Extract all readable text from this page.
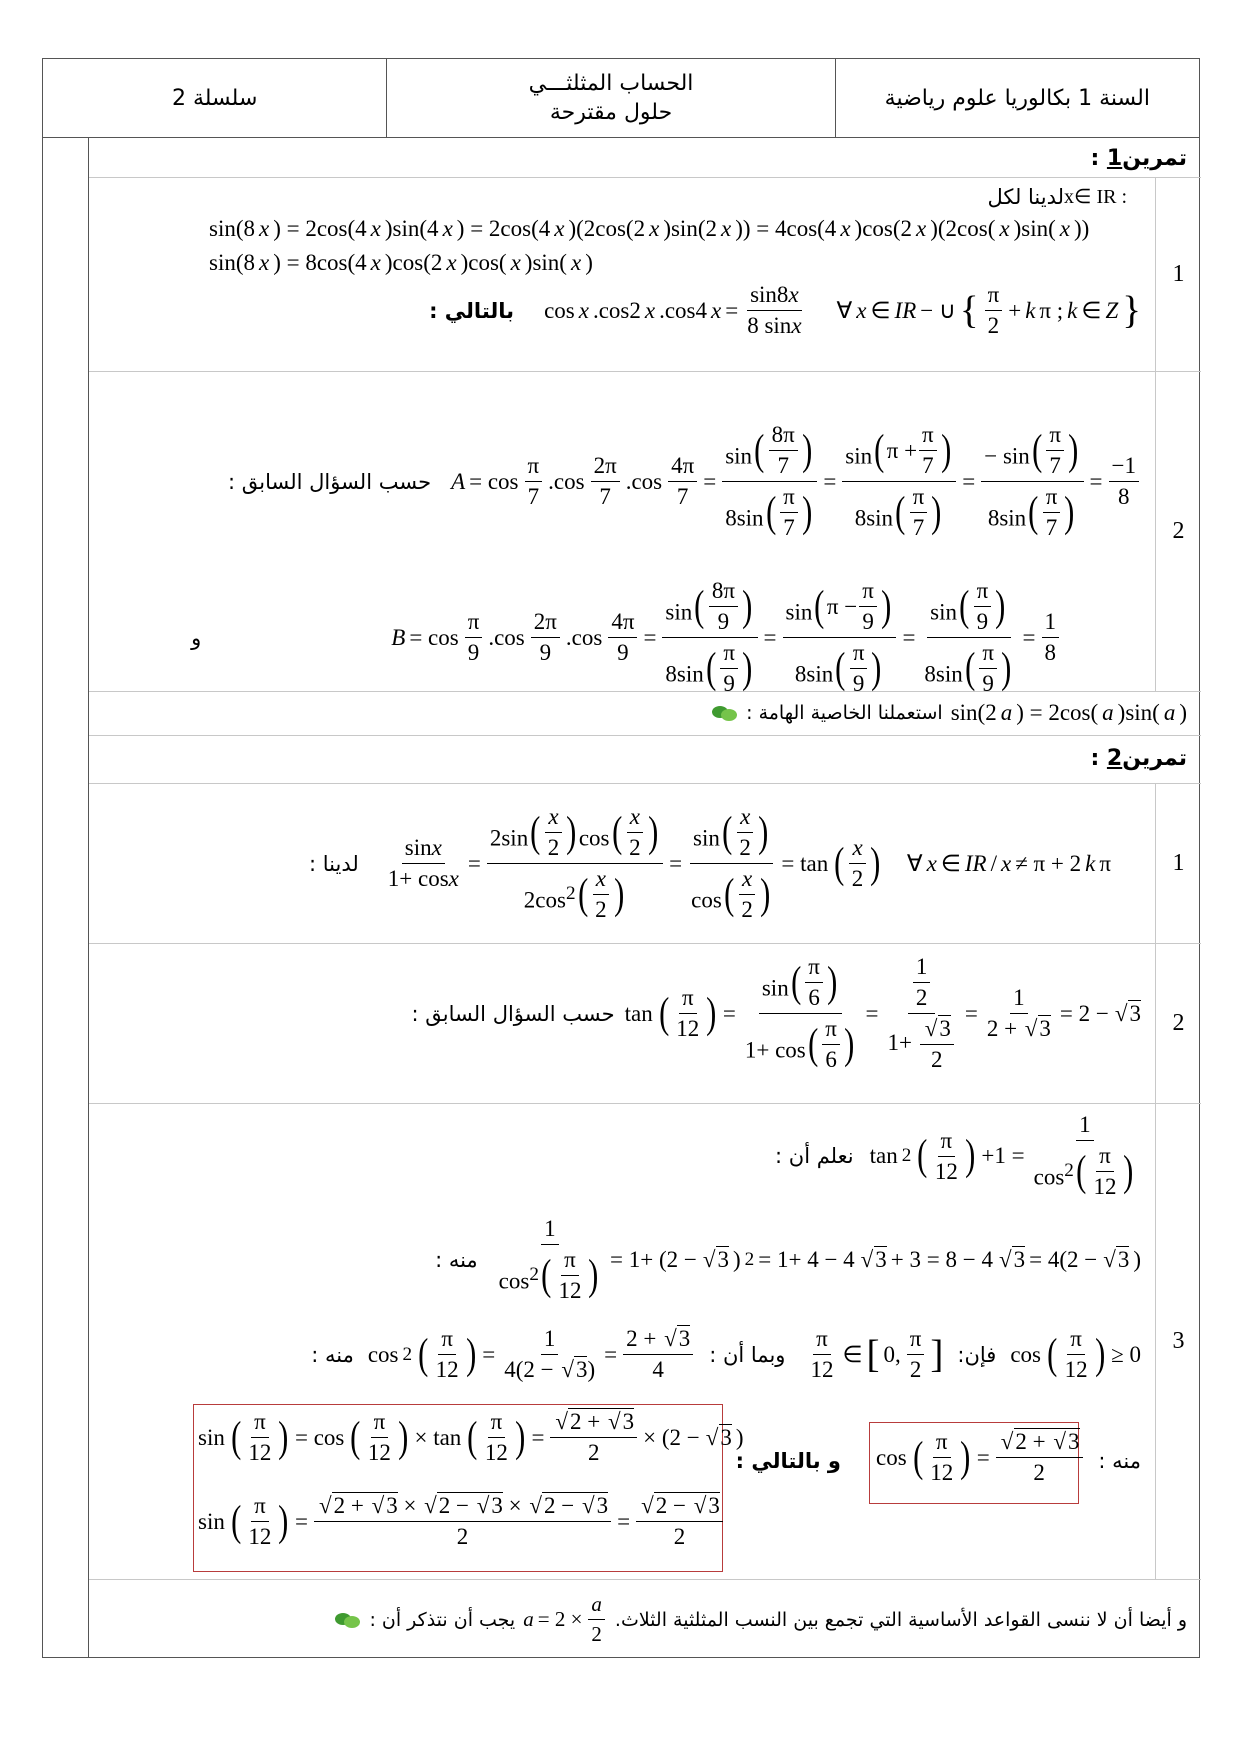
سلسلة 2
الحساب المثلثـــي
حلول مقترحة
السنة 1 بكالوريا علوم رياضية
تمرين1 :
1
لدينا لكل x∈ IR :
sin(8 x ) = 2cos(4 x )sin(4 x ) = 2cos(4 x )(2cos(2 x )sin(2 x )) = 4cos(4 x )cos(2 x )(2cos( x )sin( x ))
sin(8 x ) = 8cos(4 x )cos(2 x )cos( x )sin( x )
بالتالي : cos x .cos2 x .cos4 $x = \frac{\sin 8x}{8 \sin x}$ ∀ x ∈ IR − ∪ { $\frac{\pi}{2} + k$ π ; k ∈ Z }
2
حسب السؤال السابق : $A = \cos \frac{\pi}{7} .\cos \frac{2\pi}{7} .\cos \frac{4\pi}{7} = \sin$
( $\frac{8\pi}{7}$
)
8sin
( $\frac{\pi}{7}$
) = sin( $\pi + \frac{\pi}{7}$
)
8sin
( $\frac{\pi}{7}$
) = − sin
( $\frac{\pi}{7}$
)
8sin
( $\frac{\pi}{7}$
) = $\frac{-1}{8}$
و	$B = \cos \frac{\pi}{9} .\cos \frac{2\pi}{9} .\cos \frac{4\pi}{9} = \sin$
( $\frac{8\pi}{9}$
)
8sin
( $\frac{\pi}{9}$
) = sin( $\pi - \frac{\pi}{9}$
)
8sin
( $\frac{\pi}{9}$
) = sin
( $\frac{\pi}{9}$
)
8sin
( $\frac{\pi}{9}$
) = $\frac{1}{8}$
استعملنا الخاصية الهامة : sin(2 a ) = 2cos( a )sin( a )
تمرين2 :
1
لدينا : $\frac{\sin x}{1+ \cos x} = 2\sin$
( $\frac{x}{2}$
) cos
( $\frac{x}{2}$
)
$2\cos^2$
( $\frac{x}{2}$
) = sin
( $\frac{x}{2}$
)
cos
( $\frac{x}{2}$
) = tan
( $\frac{x}{2}$
) ∀ x ∈ IR / x ≠ π + 2 k π
2
حسب السؤال السابق : tan
( $\frac{\pi}{12}$
) = sin
( $\frac{\pi}{6}$
)
1+ cos
( $\frac{\pi}{6}$
) = $\frac{1}{2}$
1+
√ $\frac{3}{2} = \frac{1}{2 + √ 3} = 2$ −
√ 3
3
نعلم أن : tan 2
( $\frac{\pi}{12}$
) +1 = 1
$\cos^2$
( $\frac{\pi}{12}$
)
منه : 1
$\cos^2$
( $\frac{\pi}{12}$
) = 1+ (2 −
√ 3 ) 2 = 1+ 4 − 4
√ 3 + 3 = 8 − 4
√ 3 = 4(2 −
√ 3 )
منه : cos 2
( $\frac{\pi}{12}$
) = $\frac{1}{4(2 - √ 3)} = \frac{2 + √ 3}{4}$ وبما أن : $\frac{\pi}{12}$ ∈ [ 0, $\frac{\pi}{2}$ ] فإن: cos
( $\frac{\pi}{12}$
) ≥ 0
منه :
cos
( $\frac{\pi}{12}$
) =
√ $\frac{2 + √ 3}{2}$
و بالتالي :
sin
( $\frac{\pi}{12}$
) = cos
( $\frac{\pi}{12}$
) × tan
( $\frac{\pi}{12}$
) =
√ $\frac{2 + √ 3}{2} \times (2$ −
√ 3 )
sin
( $\frac{\pi}{12}$
) =
√ $\frac{2 + √ 3 \times √ 2 - √ 3 \times √ 2 - √ 3}{2}$ =
√ $\frac{2 - √ 3}{2}$
يجب أن نتذكر أن : $a = 2 \times \frac{a}{2}$ و أيضا أن لا ننسى القواعد الأساسية التي تجمع بين النسب المثلثية الثلاث.
